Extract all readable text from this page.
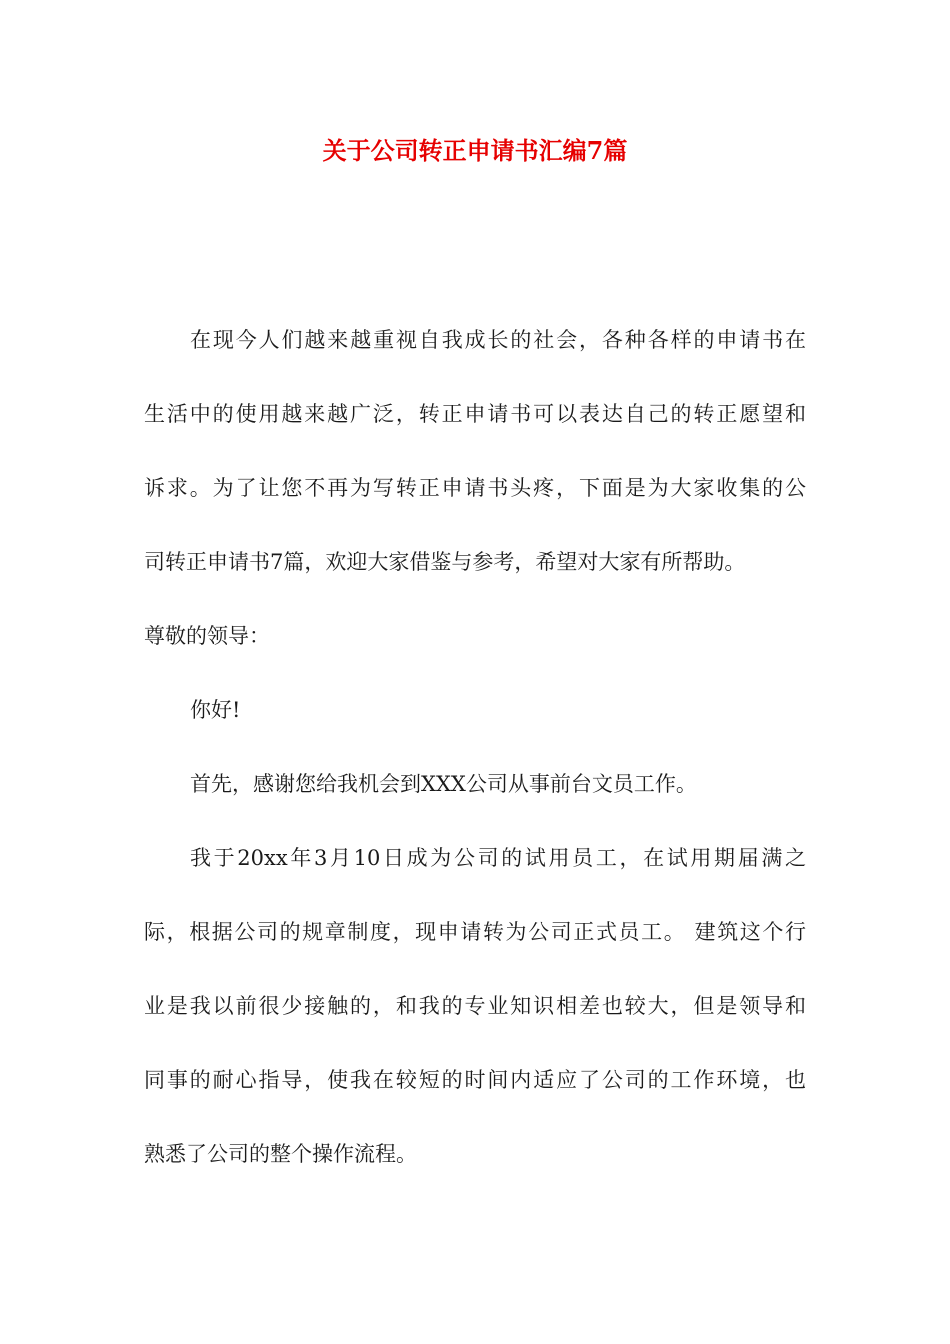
关于公司转正申请书汇编7篇
在现今人们越来越重视自我成长的社会，各种各样的申请书在
生活中的使用越来越广泛，转正申请书可以表达自己的转正愿望和
诉求。为了让您不再为写转正申请书头疼，下面是为大家收集的公
司转正申请书7篇，欢迎大家借鉴与参考，希望对大家有所帮助。
尊敬的领导：
你好!
首先，感谢您给我机会到XXX公司从事前台文员工作。
我于20xx年3月10日成为公司的试用员工，在试用期届满之
际，根据公司的规章制度，现申请转为公司正式员工。 建筑这个行
业是我以前很少接触的，和我的专业知识相差也较大，但是领导和
同事的耐心指导，使我在较短的时间内适应了公司的工作环境，也
熟悉了公司的整个操作流程。
